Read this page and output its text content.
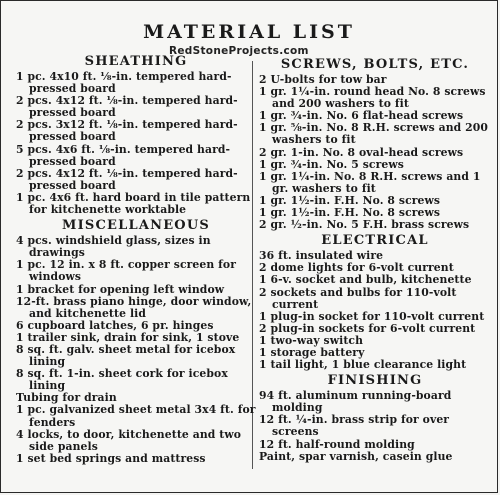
MATERIAL LIST
RedStoneProjects.com
SHEATHING
1 pc. 4x10 ft. ⅛-in. tempered hard-pressed board
2 pcs. 4x12 ft. ⅛-in. tempered hard-pressed board
2 pcs. 3x12 ft. ⅛-in. tempered hard-pressed board
5 pcs. 4x6 ft. ⅛-in. tempered hard-pressed board
2 pcs. 4x12 ft. ⅛-in. tempered hard-pressed board
1 pc. 4x6 ft. hard board in tile pattern for kitchenette worktable
MISCELLANEOUS
4 pcs. windshield glass, sizes in drawings
1 pc. 12 in. x 8 ft. copper screen for windows
1 bracket for opening left window
12-ft. brass piano hinge, door window, and kitchenette lid
6 cupboard latches, 6 pr. hinges
1 trailer sink, drain for sink, 1 stove
8 sq. ft. galv. sheet metal for icebox lining
8 sq. ft. 1-in. sheet cork for icebox lining
Tubing for drain
1 pc. galvanized sheet metal 3x4 ft. for fenders
4 locks, to door, kitchenette and two side panels
1 set bed springs and mattress
SCREWS, BOLTS, ETC.
2 U-bolts for tow bar
1 gr. 1¼-in. round head No. 8 screws and 200 washers to fit
1 gr. ¾-in. No. 6 flat-head screws
1 gr. ⅝-in. No. 8 R.H. screws and 200 washers to fit
2 gr. 1-in. No. 8 oval-head screws
1 gr. ¾-in. No. 5 screws
1 gr. 1¼-in. No. 8 R.H. screws and 1 gr. washers to fit
1 gr. 1½-in. F.H. No. 8 screws
1 gr. 1½-in. F.H. No. 8 screws
2 gr. ½-in. No. 5 F.H. brass screws
ELECTRICAL
36 ft. insulated wire
2 dome lights for 6-volt current
1 6-v. socket and bulb, kitchenette
2 sockets and bulbs for 110-volt current
1 plug-in socket for 110-volt current
2 plug-in sockets for 6-volt current
1 two-way switch
1 storage battery
1 tail light, 1 blue clearance light
FINISHING
94 ft. aluminum running-board molding
12 ft. ¼-in. brass strip for over screens
12 ft. half-round molding
Paint, spar varnish, casein glue
